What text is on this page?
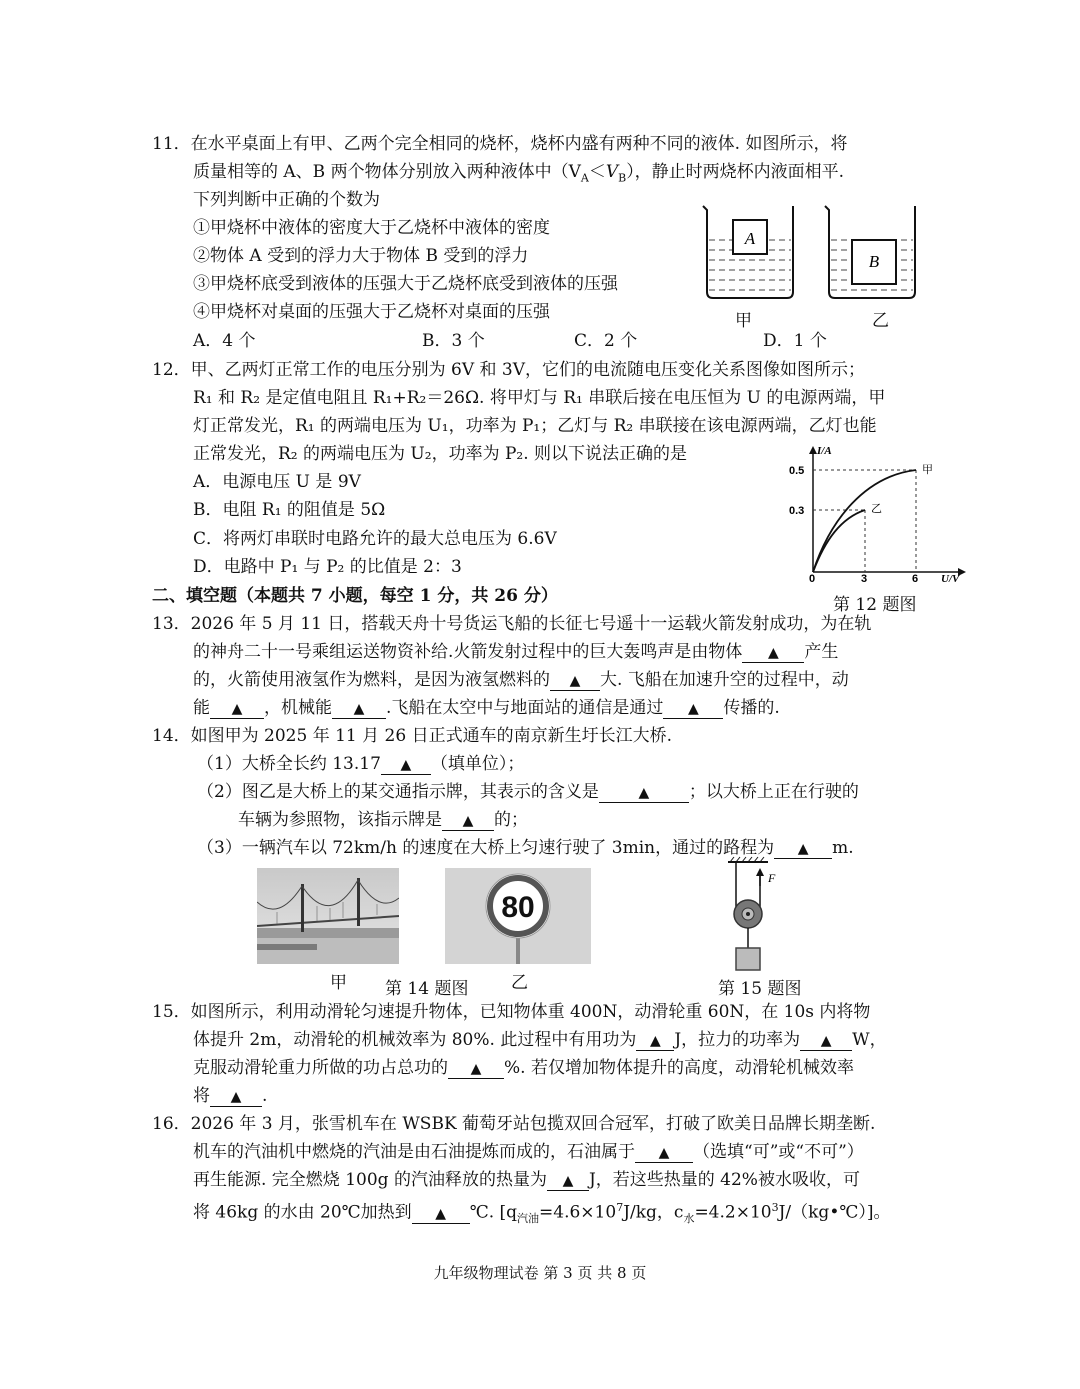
11．在水平桌面上有甲、乙两个完全相同的烧杯，烧杯内盛有两种不同的液体. 如图所示，将
质量相等的 A、B 两个物体分别放入两种液体中$(V_A<V_B)$，静止时两烧杯内液面相平.
下列判断中正确的个数为
①甲烧杯中液体的密度大于乙烧杯中液体的密度
②物体 A 受到的浮力大于物体 B 受到的浮力
③甲烧杯底受到液体的压强大于乙烧杯底受到液体的压强
④甲烧杯对桌面的压强大于乙烧杯对桌面的压强
A．4 个	B．3 个	C．2 个	D．1 个
A
B
甲	乙
12．甲、乙两灯正常工作的电压分别为 6V 和 3V，它们的电流随电压变化关系图像如图所示；
R₁ 和 R₂ 是定值电阻且 R₁+R₂＝26Ω. 将甲灯与 R₁ 串联后接在电压恒为 U 的电源两端，甲
灯正常发光，R₁ 的两端电压为 U₁，功率为 P₁；乙灯与 R₂ 串联接在该电源两端，乙灯也能
正常发光，R₂ 的两端电压为 U₂，功率为 P₂. 则以下说法正确的是
A．电源电压 U 是 9V
B．电阻 R₁ 的阻值是 5Ω
C．将两灯串联时电路允许的最大总电压为 6.6V
D．电路中 P₁ 与 P₂ 的比值是 2：3
I/A
U/V
0	3	6
0.3
0.5	甲
乙
二、填空题（本题共 7 小题，每空 1 分，共 26 分）	第 12 题图
13．2026 年 5 月 11 日，搭载天舟十号货运飞船的长征七号遥十一运载火箭发射成功，为在轨
的神舟二十一号乘组运送物资补给.火箭发射过程中的巨大轰鸣声是由物体 ▲ 产生
的，火箭使用液氢作为燃料，是因为液氢燃料的 ▲ 大. 飞船在加速升空的过程中，动
能 ▲ ，机械能 ▲ .飞船在太空中与地面站的通信是通过 ▲ 传播的.
14．如图甲为 2025 年 11 月 26 日正式通车的南京新生圩长江大桥.
（1）大桥全长约 13.17 ▲ （填单位）；
（2）图乙是大桥上的某交通指示牌，其表示的含义是	▲ ；以大桥上正在行驶的
车辆为参照物，该指示牌是 ▲ 的；
（3）一辆汽车以 72km/h 的速度在大桥上匀速行驶了 3min，通过的路程为 ▲ m.
80
F
甲 第 14 题图	乙	第 15 题图
15．如图所示，利用动滑轮匀速提升物体，已知物体重 400N，动滑轮重 60N，在 10s 内将物
体提升 2m，动滑轮的机械效率为 80%. 此过程中有用功为 ▲ J，拉力的功率为 ▲ W，
克服动滑轮重力所做的功占总功的 ▲ %. 若仅增加物体提升的高度，动滑轮机械效率
将 ▲ .
16．2026 年 3 月，张雪机车在 WSBK 葡萄牙站包揽双回合冠军，打破了欧美日品牌长期垄断.
机车的汽油机中燃烧的汽油是由石油提炼而成的，石油属于 ▲ （选填“可”或“不可”）
再生能源. 完全燃烧 100g 的汽油释放的热量为 ▲ J，若这些热量的 42%被水吸收，可
将 46kg 的水由 20℃加热到 ▲ ℃. [$q_{汽油}=4.6\times 10^7J/kg$，$c_水=4.2\times 10^3J/(kg•℃)$]。
九年级物理试卷 第 3 页 共 8 页
